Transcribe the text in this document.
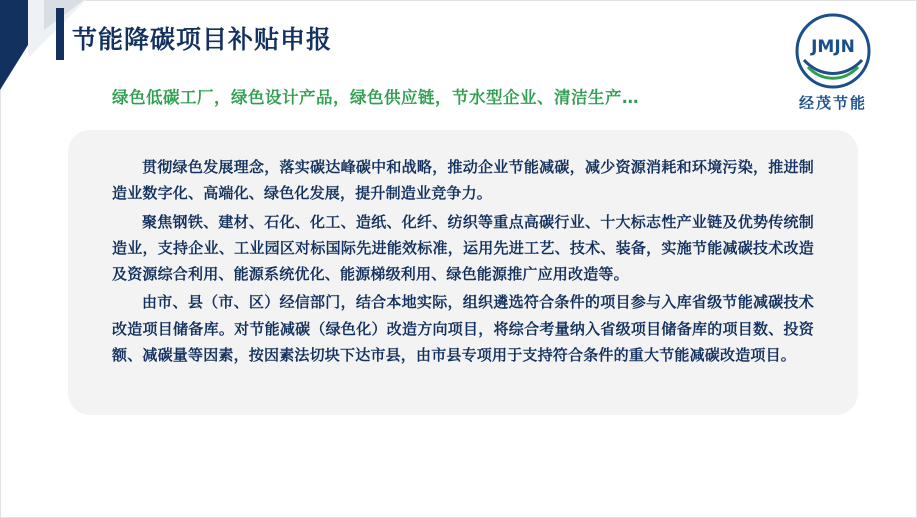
节能降碳项目补贴申报	JMJN
经茂节能
绿色低碳工厂，绿色设计产品，绿色供应链，节水型企业、清洁生产…

贯彻绿色发展理念，落实碳达峰碳中和战略，推动企业节能减碳，减少资源消耗和环境污染，推进制造业数字化、高端化、绿色化发展，提升制造业竞争力。

聚焦钢铁、建材、石化、化工、造纸、化纤、纺织等重点高碳行业、十大标志性产业链及优势传统制造业，支持企业、工业园区对标国际先进能效标准，运用先进工艺、技术、装备，实施节能减碳技术改造及资源综合利用、能源系统优化、能源梯级利用、绿色能源推广应用改造等。

由市、县（市、区）经信部门，结合本地实际，组织遴选符合条件的项目参与入库省级节能减碳技术改造项目储备库。对节能减碳（绿色化）改造方向项目，将综合考量纳入省级项目储备库的项目数、投资额、减碳量等因素，按因素法切块下达市县，由市县专项用于支持符合条件的重大节能减碳改造项目。
